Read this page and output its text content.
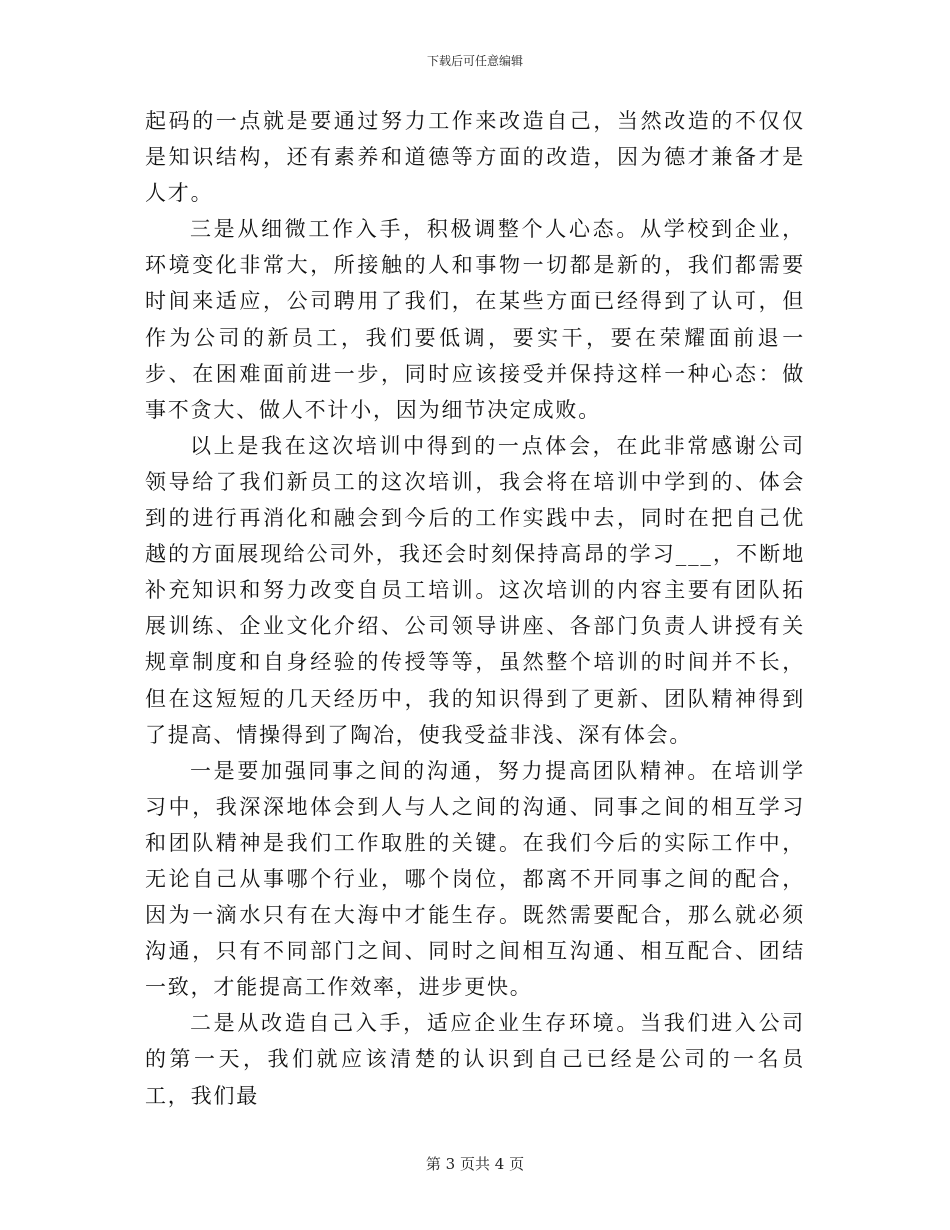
下载后可任意编辑

起码的一点就是要通过努力工作来改造自己，当然改造的不仅仅是知识结构，还有素养和道德等方面的改造，因为德才兼备才是人才。

三是从细微工作入手，积极调整个人心态。从学校到企业，环境变化非常大，所接触的人和事物一切都是新的，我们都需要时间来适应，公司聘用了我们，在某些方面已经得到了认可，但作为公司的新员工，我们要低调，要实干，要在荣耀面前退一步、在困难面前进一步，同时应该接受并保持这样一种心态：做事不贪大、做人不计小，因为细节决定成败。

以上是我在这次培训中得到的一点体会，在此非常感谢公司领导给了我们新员工的这次培训，我会将在培训中学到的、体会到的进行再消化和融会到今后的工作实践中去，同时在把自己优越的方面展现给公司外，我还会时刻保持高昂的学习___，不断地补充知识和努力改变自员工培训。这次培训的内容主要有团队拓展训练、企业文化介绍、公司领导讲座、各部门负责人讲授有关规章制度和自身经验的传授等等，虽然整个培训的时间并不长，但在这短短的几天经历中，我的知识得到了更新、团队精神得到了提高、情操得到了陶冶，使我受益非浅、深有体会。

一是要加强同事之间的沟通，努力提高团队精神。在培训学习中，我深深地体会到人与人之间的沟通、同事之间的相互学习和团队精神是我们工作取胜的关键。在我们今后的实际工作中，无论自己从事哪个行业，哪个岗位，都离不开同事之间的配合，因为一滴水只有在大海中才能生存。既然需要配合，那么就必须沟通，只有不同部门之间、同时之间相互沟通、相互配合、团结一致，才能提高工作效率，进步更快。

二是从改造自己入手，适应企业生存环境。当我们进入公司的第一天，我们就应该清楚的认识到自己已经是公司的一名员工，我们最

第 3 页共 4 页
